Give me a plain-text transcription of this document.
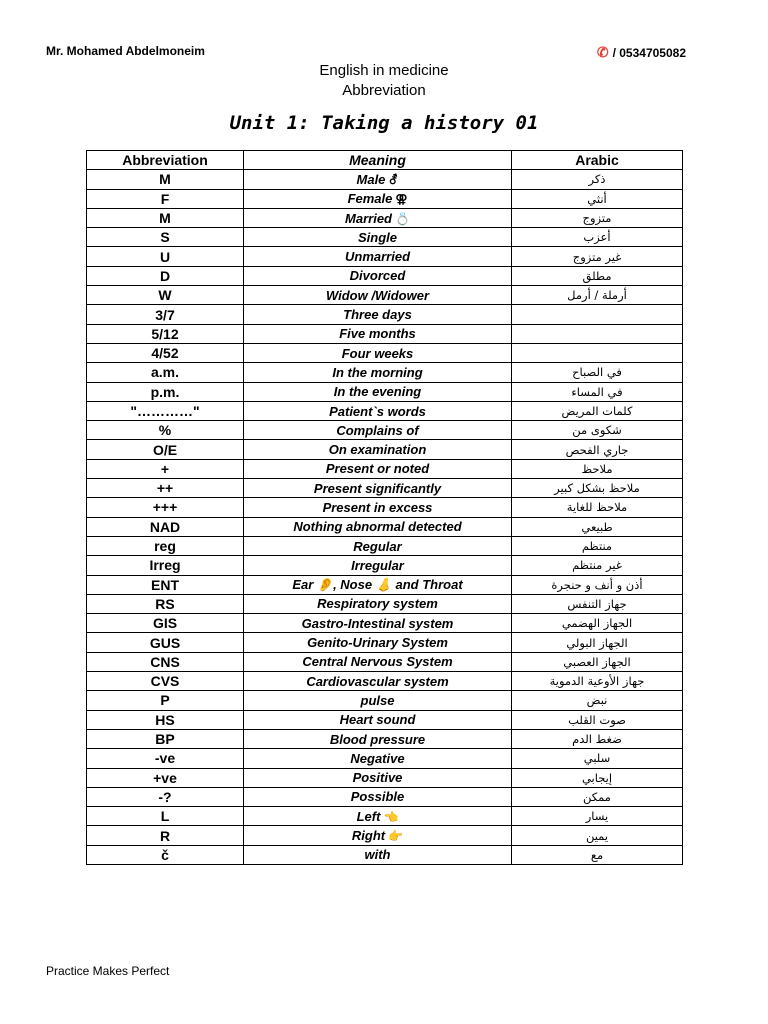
Mr. Mohamed Abdelmoneim	✆ / 0534705082
English in medicine
Abbreviation
Unit 1: Taking a history 01
Abbreviation	Meaning	Arabic
M	Male ⚦	ذكر
F	Female ⚢	أنثي
M	Married 💍	متزوج
S	Single	أعزب
U	Unmarried	غير متزوج
D	Divorced	مطلق
W	Widow /Widower	أرملة / أرمل
3/7	Three days	
5/12	Five months	
4/52	Four weeks	
a.m.	In the morning	في الصباح
p.m.	In the evening	في المساء
"…………"	Patient`s words	كلمات المريض
%	Complains of	شكوى من
O/E	On examination	جاري الفحص
+	Present or noted	ملاحظ
++	Present significantly	ملاحظ بشكل كبير
+++	Present in excess	ملاحظ للغاية
NAD	Nothing abnormal detected	طبيعي
reg	Regular	منتظم
Irreg	Irregular	غير منتظم
ENT	Ear 👂, Nose 👃 and Throat	أذن و أنف و حنجرة
RS	Respiratory system	جهاز التنفس
GIS	Gastro-Intestinal system	الجهاز الهضمي
GUS	Genito-Urinary System	الجهاز البولي
CNS	Central Nervous System	الجهاز العصبي
CVS	Cardiovascular system	جهاز الأوعية الدموية
P	pulse	نبض
HS	Heart sound	صوت القلب
BP	Blood pressure	ضغط الدم
-ve	Negative	سلبي
+ve	Positive	إيجابي
-?	Possible	ممكن
L	Left 👈	يسار
R	Right 👉	يمين
č	with	مع
Practice Makes Perfect
